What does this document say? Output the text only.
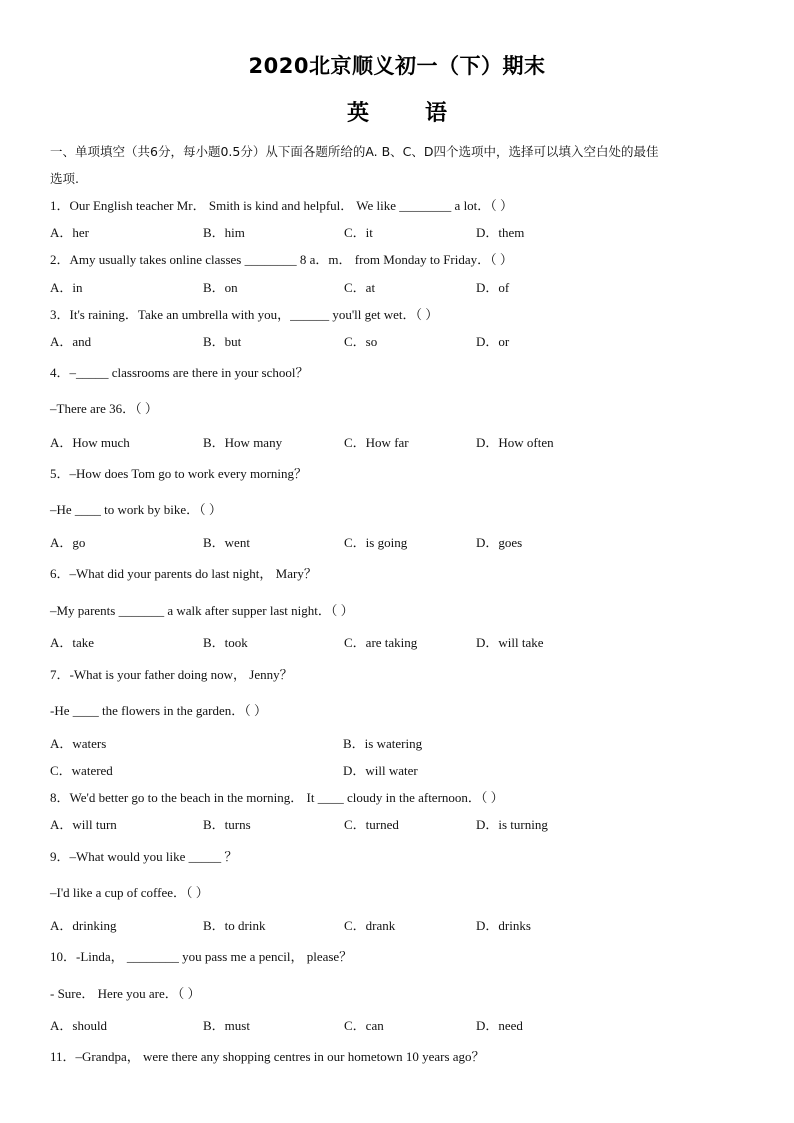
2020北京顺义初一（下）期末
英	语
一、单项填空（共6分，每小题0.5分）从下面各题所给的A. B、C、D四个选项中，选择可以填入空白处的最佳
选项.
1．Our English teacher Mr． Smith is kind and helpful． We like ________ a lot．（ ）
A．her	B．him	C．it	D．them
2．Amy usually takes online classes ________ 8 a．m． from Monday to Friday．（ ）
A．in	B．on	C．at	D．of
3．It's raining．Take an umbrella with you，______ you'll get wet．（ ）
A．and	B．but	C．so	D．or
4．–_____ classrooms are there in your school？
–There are 36．（ ）
A．How much	B．How many	C．How far	D．How often
5．–How does Tom go to work every morning？
–He ____ to work by bike．（ ）
A．go	B．went	C．is going	D．goes
6．–What did your parents do last night， Mary？
–My parents _______ a walk after supper last night．（ ）
A．take	B．took	C．are taking	D．will take
7．-What is your father doing now， Jenny？
-He ____ the flowers in the garden．（ ）
A．waters	B．is watering
C．watered	D．will water
8．We'd better go to the beach in the morning． It ____ cloudy in the afternoon．（ ）
A．will turn	B．turns	C．turned	D．is turning
9．–What would you like _____ ？
–I'd like a cup of coffee．（ ）
A．drinking	B．to drink	C．drank	D．drinks
10．-Linda， ________ you pass me a pencil， please？
- Sure． Here you are．（ ）
A．should	B．must	C．can	D．need
11．–Grandpa， were there any shopping centres in our hometown 10 years ago？
